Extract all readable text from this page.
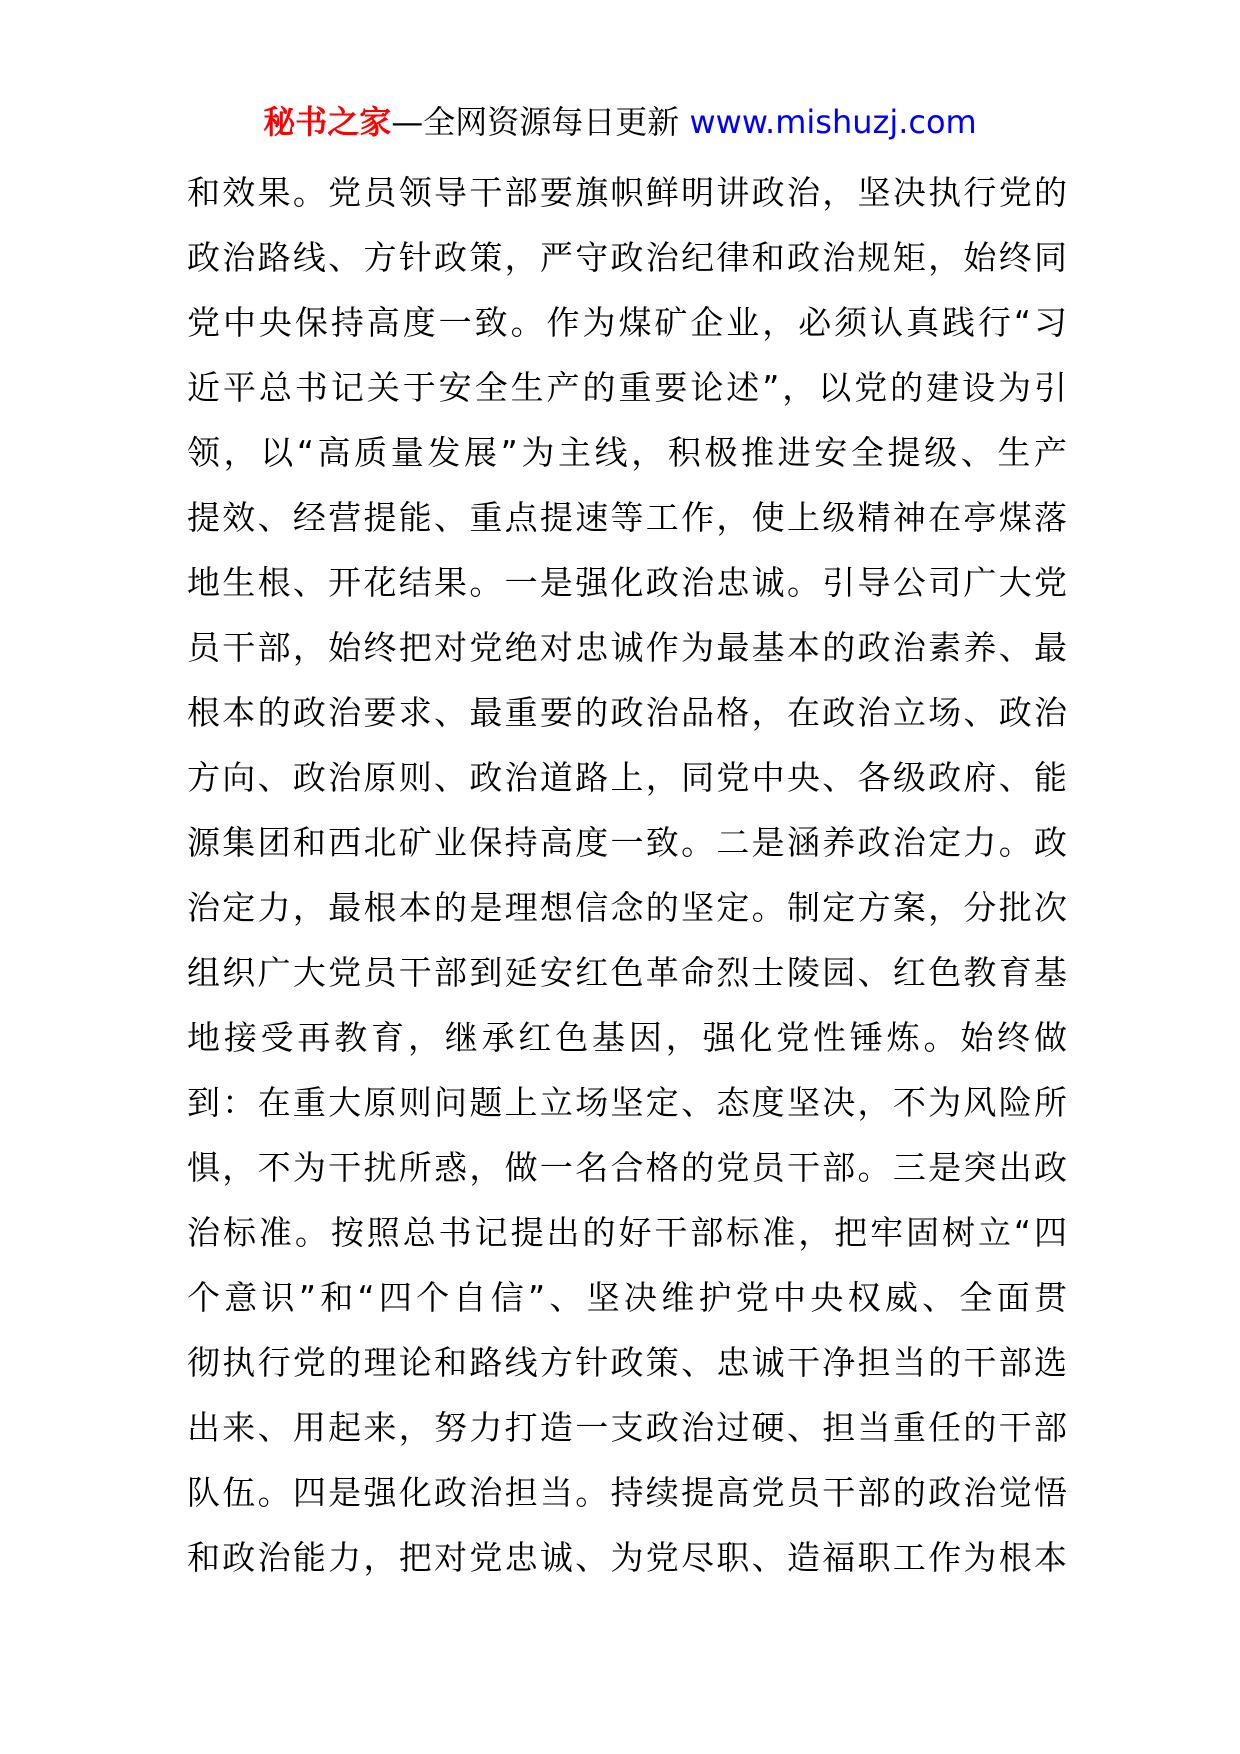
秘书之家—全网资源每日更新 www.mishuzj.com
和效果。党员领导干部要旗帜鲜明讲政治，坚决执行党的
政治路线、方针政策，严守政治纪律和政治规矩，始终同
党中央保持高度一致。作为煤矿企业，必须认真践行“习
近平总书记关于安全生产的重要论述”，以党的建设为引
领，以“高质量发展”为主线，积极推进安全提级、生产
提效、经营提能、重点提速等工作，使上级精神在亭煤落
地生根、开花结果。一是强化政治忠诚。引导公司广大党
员干部，始终把对党绝对忠诚作为最基本的政治素养、最
根本的政治要求、最重要的政治品格，在政治立场、政治
方向、政治原则、政治道路上，同党中央、各级政府、能
源集团和西北矿业保持高度一致。二是涵养政治定力。政
治定力，最根本的是理想信念的坚定。制定方案，分批次
组织广大党员干部到延安红色革命烈士陵园、红色教育基
地接受再教育，继承红色基因，强化党性锤炼。始终做
到：在重大原则问题上立场坚定、态度坚决，不为风险所
惧，不为干扰所惑，做一名合格的党员干部。三是突出政
治标准。按照总书记提出的好干部标准，把牢固树立“四
个意识”和“四个自信”、坚决维护党中央权威、全面贯
彻执行党的理论和路线方针政策、忠诚干净担当的干部选
出来、用起来，努力打造一支政治过硬、担当重任的干部
队伍。四是强化政治担当。持续提高党员干部的政治觉悟
和政治能力，把对党忠诚、为党尽职、造福职工作为根本
